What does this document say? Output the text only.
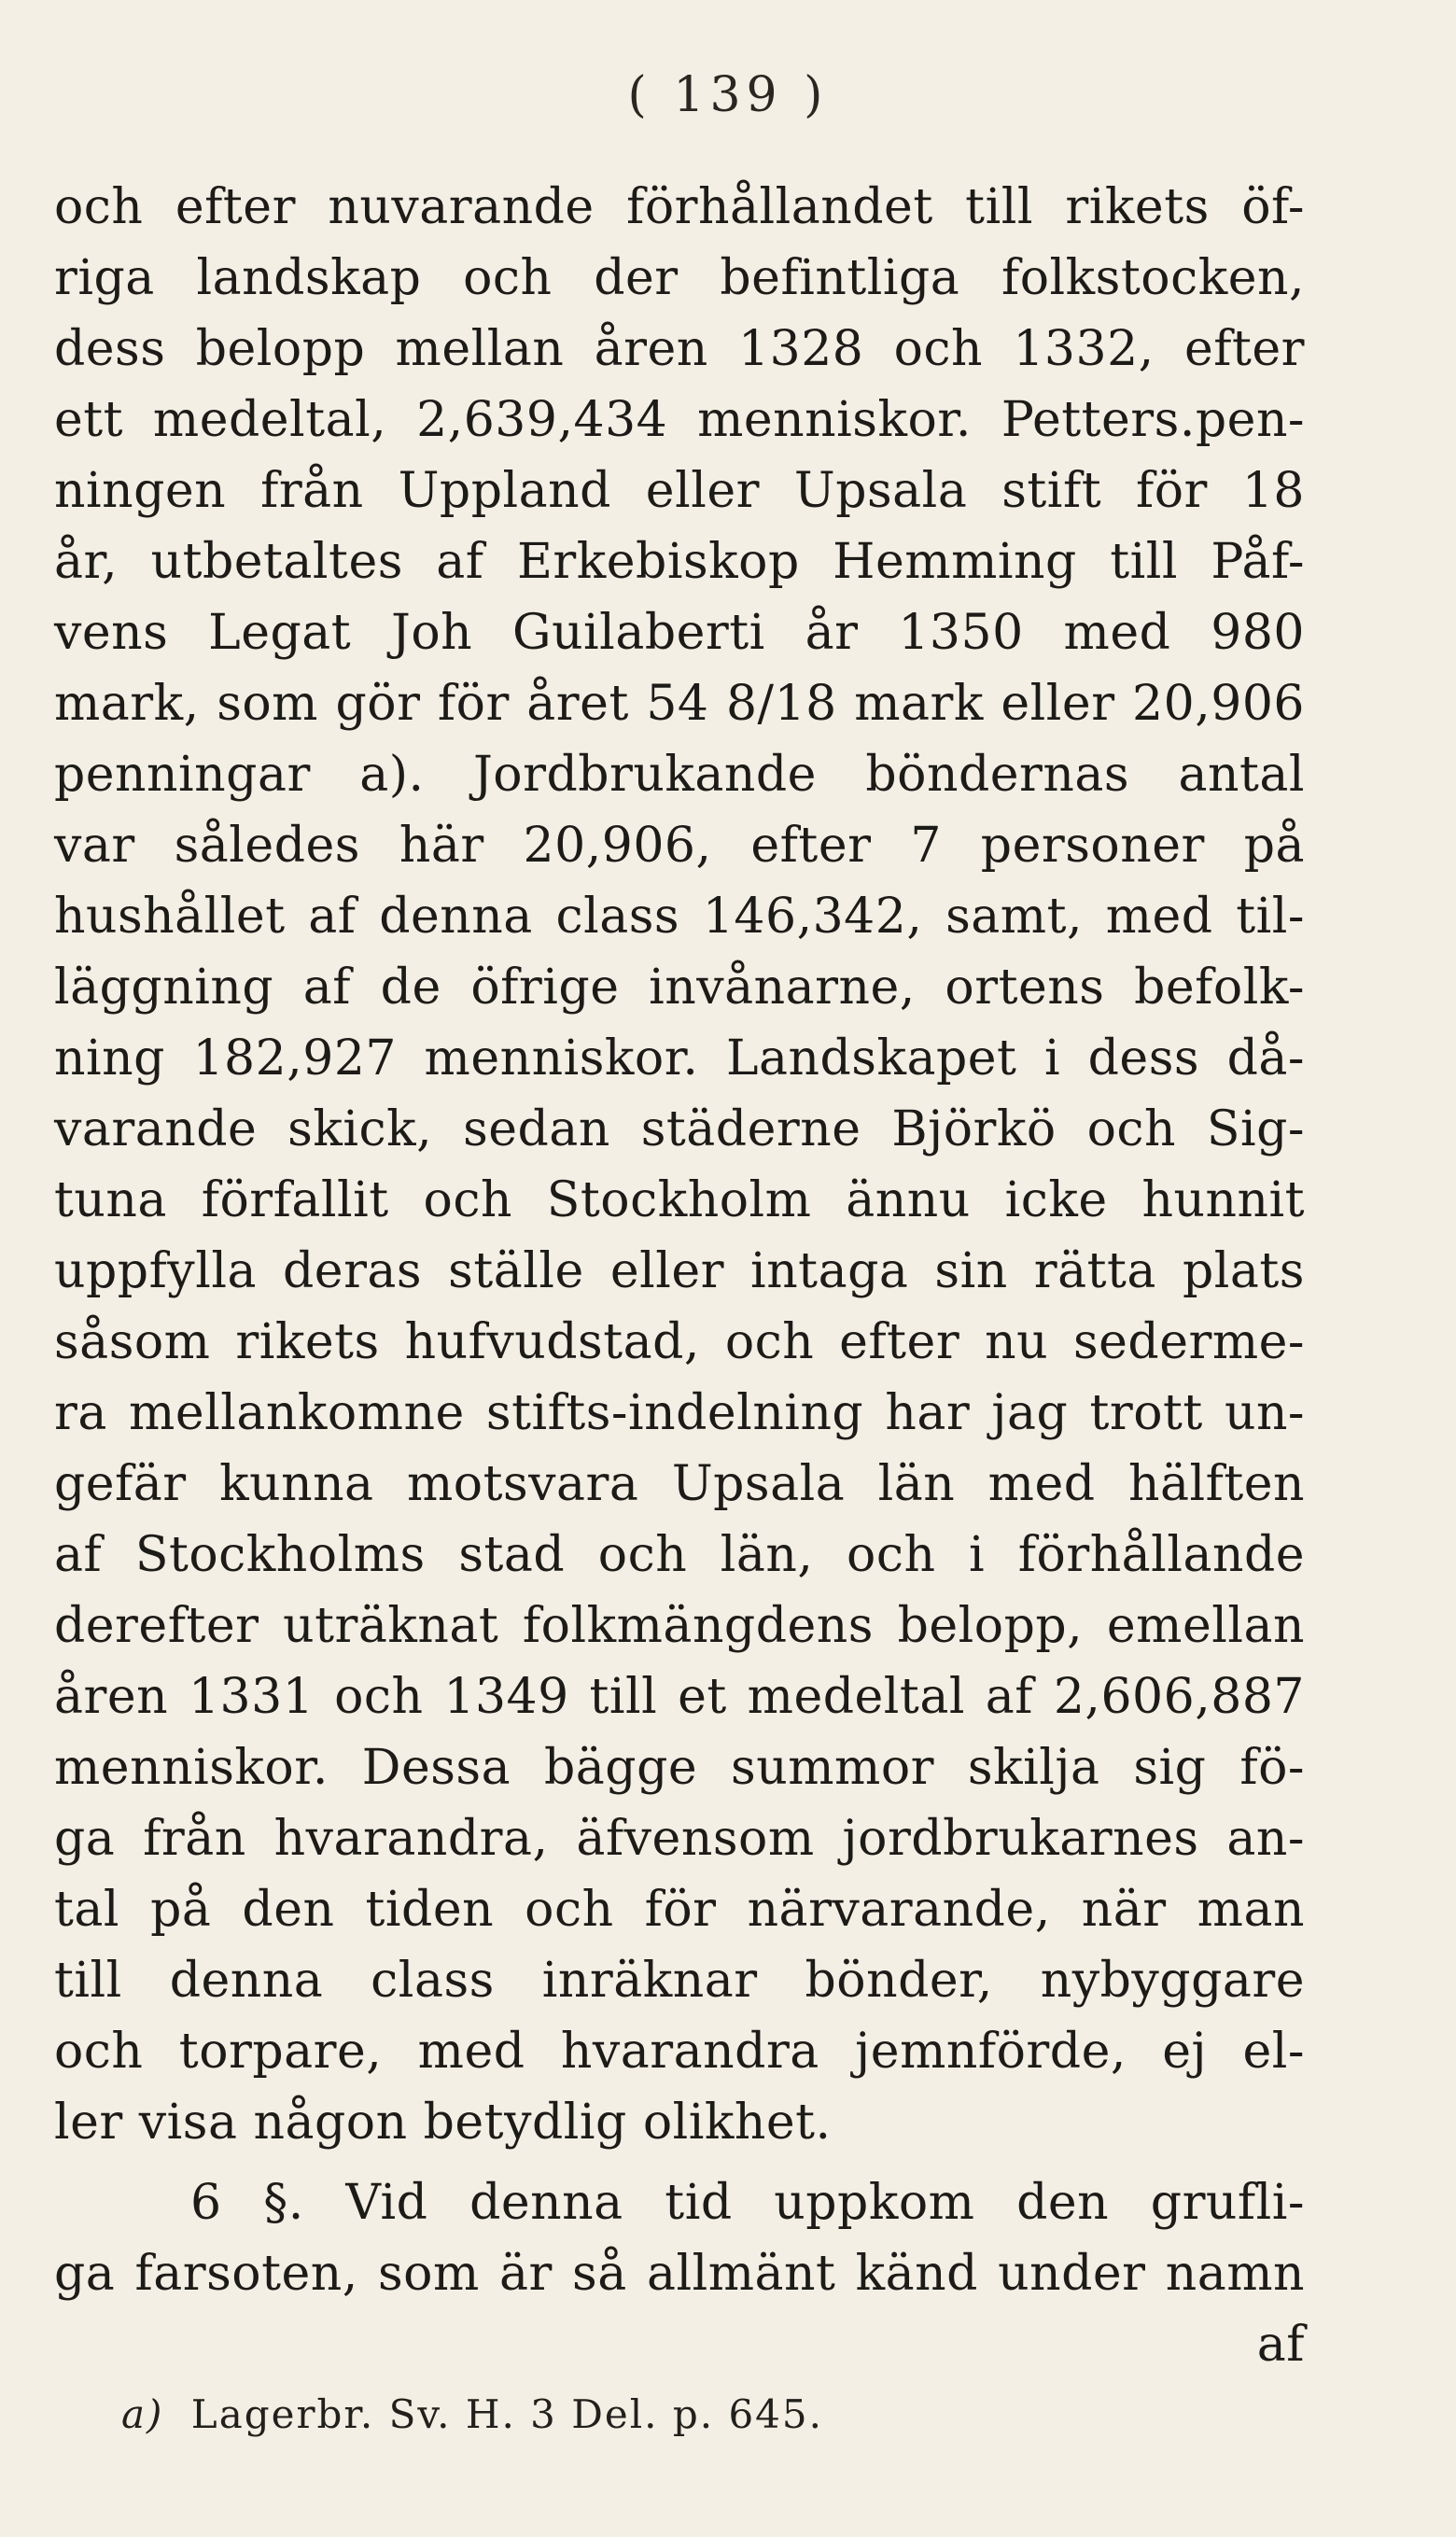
( 139 )
och efter nuvarande förhållandet till rikets öf-
riga landskap och der befintliga folkstocken,
dess belopp mellan åren 1328 och 1332, efter
ett medeltal, 2,639,434 menniskor. Petters.pen-
ningen från Uppland eller Upsala stift för 18
år, utbetaltes af Erkebiskop Hemming till Påf-
vens Legat Joh Guilaberti år 1350 med 980
mark, som gör för året 54 8/18 mark eller 20,906
penningar a). Jordbrukande böndernas antal
var således här 20,906, efter 7 personer på
hushållet af denna class 146,342, samt, med til-
läggning af de öfrige invånarne, ortens befolk-
ning 182,927 menniskor. Landskapet i dess då-
varande skick, sedan städerne Björkö och Sig-
tuna förfallit och Stockholm ännu icke hunnit
uppfylla deras ställe eller intaga sin rätta plats
såsom rikets hufvudstad, och efter nu sederme-
ra mellankomne stifts-indelning har jag trott un-
gefär kunna motsvara Upsala län med hälften
af Stockholms stad och län, och i förhållande
derefter uträknat folkmängdens belopp, emellan
åren 1331 och 1349 till et medeltal af 2,606,887
menniskor. Dessa bägge summor skilja sig fö-
ga från hvarandra, äfvensom jordbrukarnes an-
tal på den tiden och för närvarande, när man
till denna class inräknar bönder, nybyggare
och torpare, med hvarandra jemnförde, ej el-
ler visa någon betydlig olikhet.
6 §. Vid denna tid uppkom den grufli-
ga farsoten, som är så allmänt känd under namn
af
a) Lagerbr. Sv. H. 3 Del. p. 645.
